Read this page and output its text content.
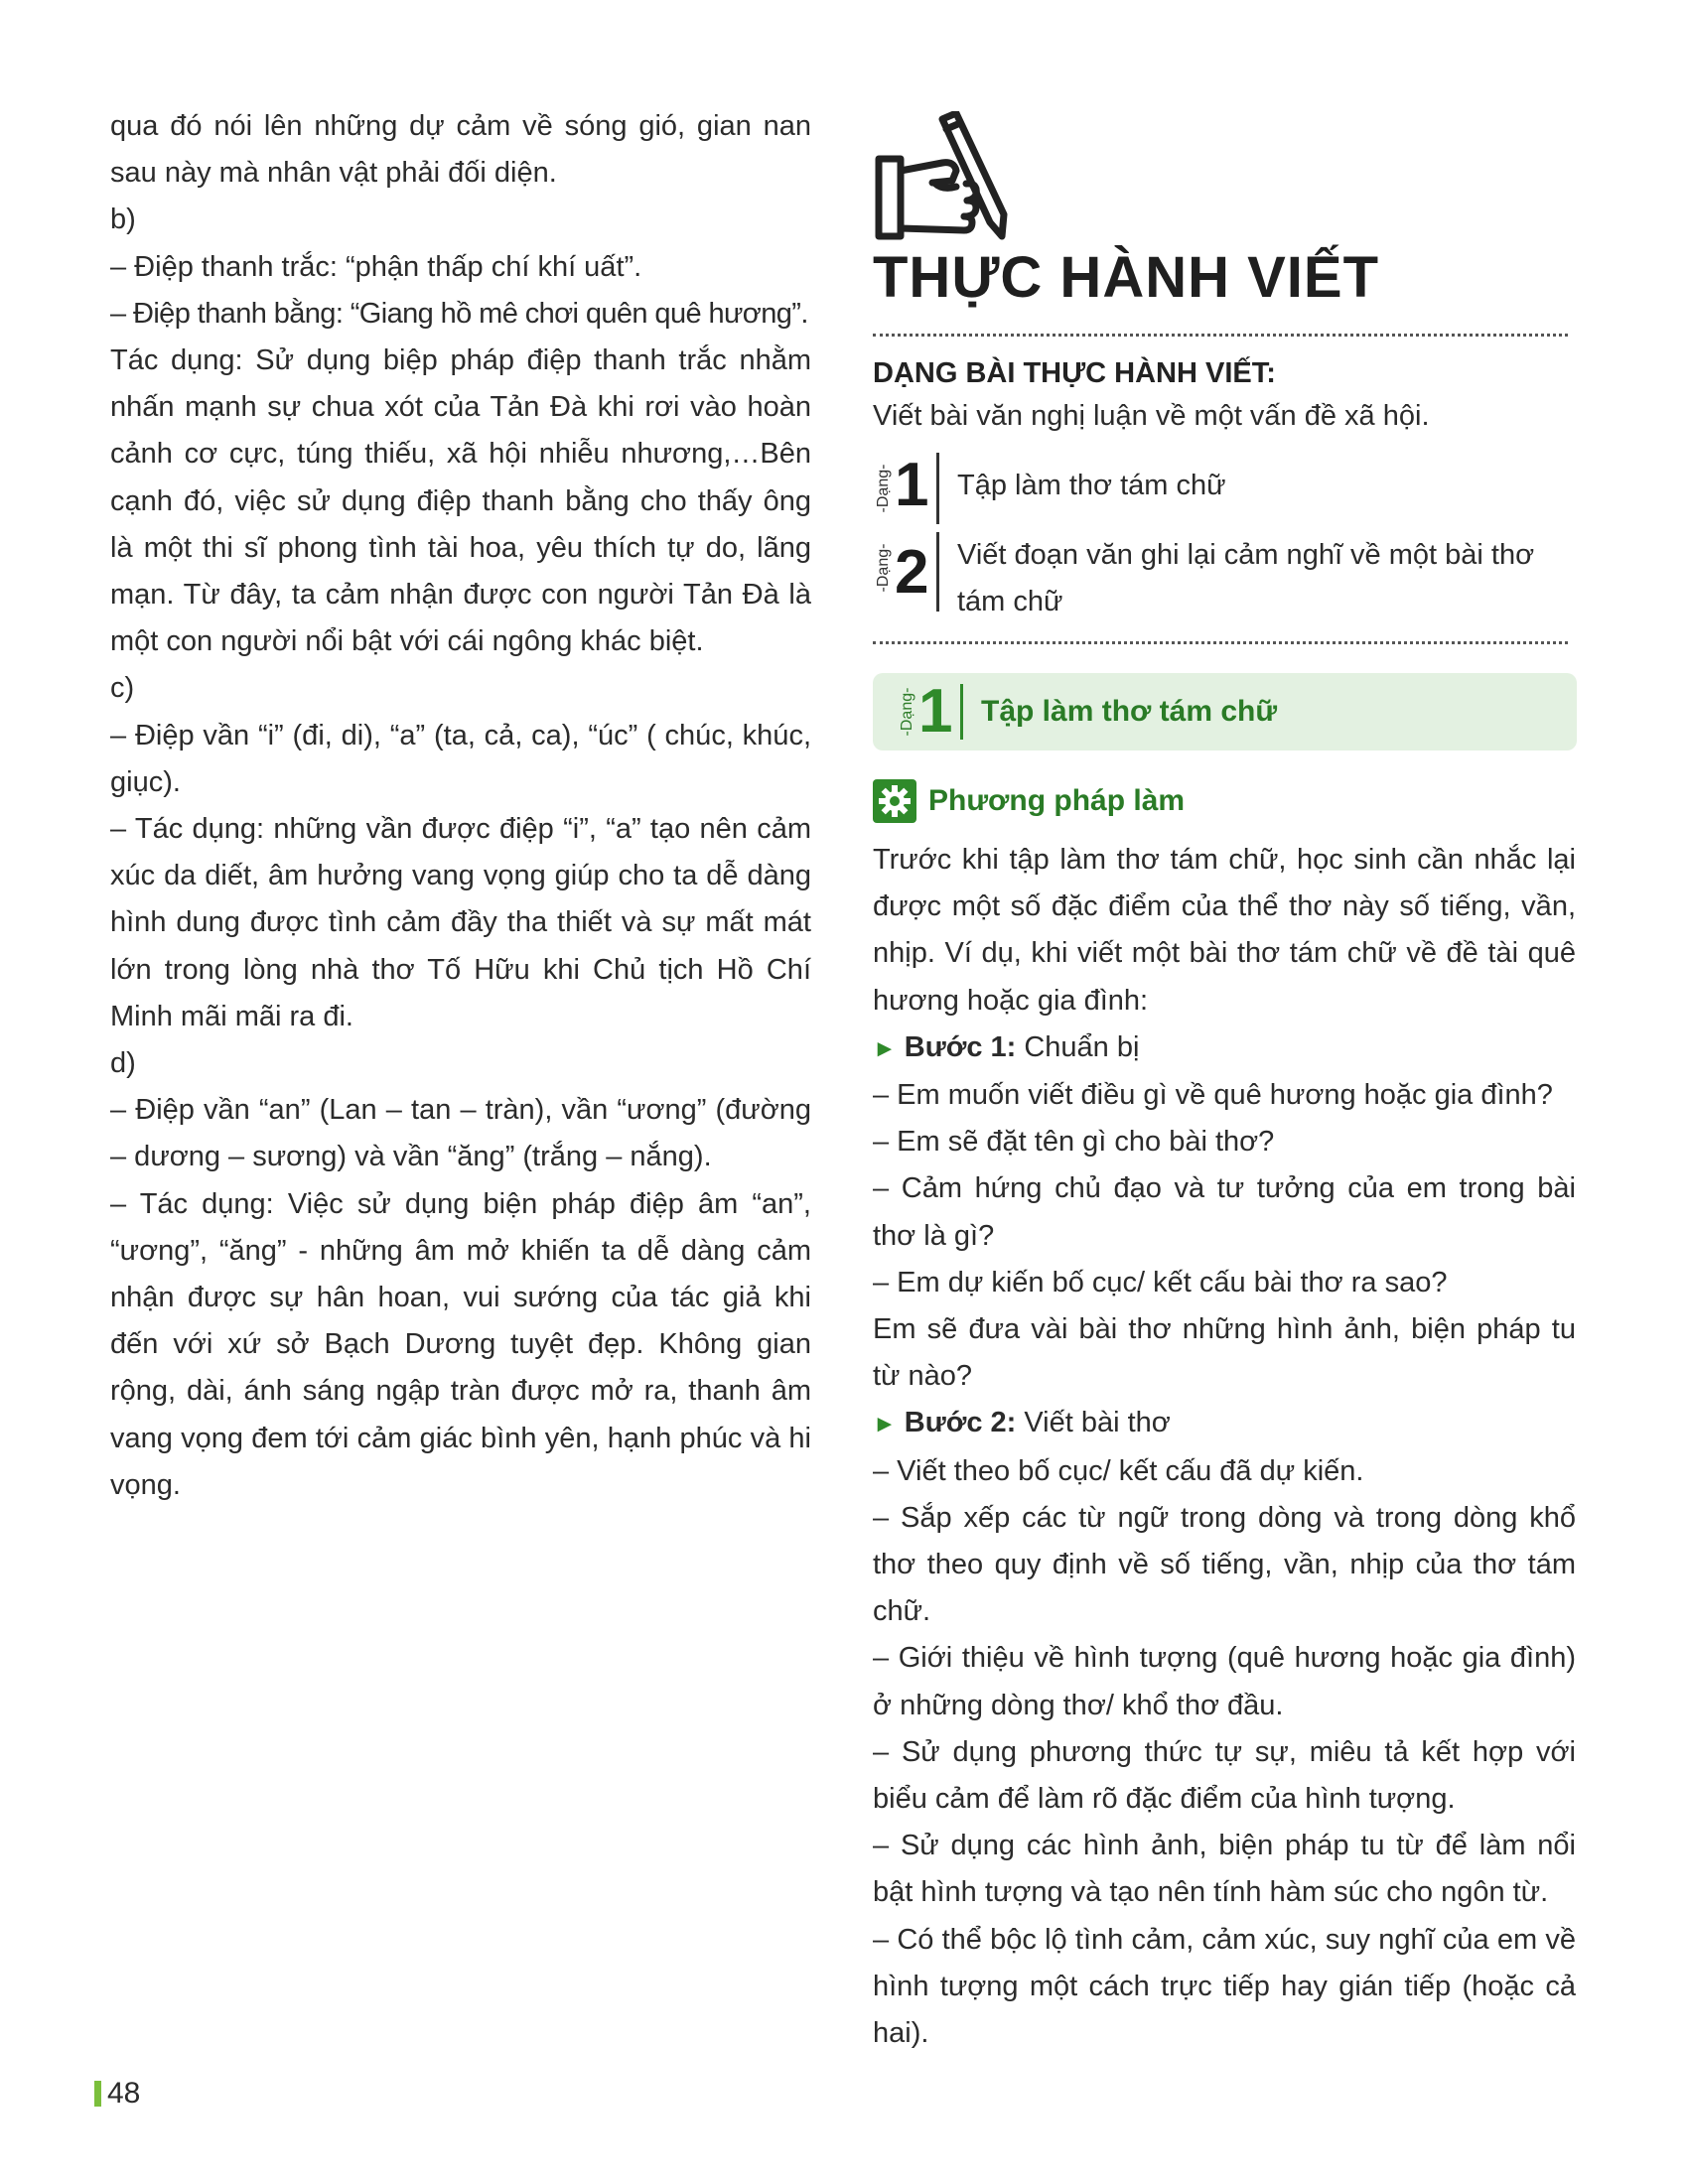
qua đó nói lên những dự cảm về sóng gió, gian nan sau này mà nhân vật phải đối diện.

b)

– Điệp thanh trắc: “phận thấp chí khí uất”.

– Điệp thanh bằng: “Giang hồ mê chơi quên quê hương”.

Tác dụng: Sử dụng biệp pháp điệp thanh trắc nhằm nhấn mạnh sự chua xót của Tản Đà khi rơi vào hoàn cảnh cơ cực, túng thiếu, xã hội nhiễu nhương,…Bên cạnh đó, việc sử dụng điệp thanh bằng cho thấy ông là một thi sĩ phong tình tài hoa, yêu thích tự do, lãng mạn. Từ đây, ta cảm nhận được con người Tản Đà là một con người nổi bật với cái ngông khác biệt.

c)

– Điệp vần “i” (đi, di), “a” (ta, cả, ca), “úc” ( chúc, khúc, giục).

– Tác dụng: những vần được điệp “i”, “a” tạo nên cảm xúc da diết, âm hưởng vang vọng giúp cho ta dễ dàng hình dung được tình cảm đầy tha thiết và sự mất mát lớn trong lòng nhà thơ Tố Hữu khi Chủ tịch Hồ Chí Minh mãi mãi ra đi.

d)

– Điệp vần “an” (Lan – tan – tràn), vần “ương” (đường – dương – sương) và vần “ăng” (trắng – nắng).

– Tác dụng: Việc sử dụng biện pháp điệp âm “an”, “ương”, “ăng” - những âm mở khiến ta dễ dàng cảm nhận được sự hân hoan, vui sướng của tác giả khi đến với xứ sở Bạch Dương tuyệt đẹp. Không gian rộng, dài, ánh sáng ngập tràn được mở ra, thanh âm vang vọng đem tới cảm giác bình yên, hạnh phúc và hi vọng.

THỰC HÀNH VIẾT
DẠNG BÀI THỰC HÀNH VIẾT:
Viết bài văn nghị luận về một vấn đề xã hội.
-Dạng- 1 Tập làm thơ tám chữ
-Dạng- 2 Viết đoạn văn ghi lại cảm nghĩ về một bài thơ tám chữ
-Dạng- 1 Tập làm thơ tám chữ
Phương pháp làm

Trước khi tập làm thơ tám chữ, học sinh cần nhắc lại được một số đặc điểm của thể thơ này số tiếng, vần, nhịp. Ví dụ, khi viết một bài thơ tám chữ về đề tài quê hương hoặc gia đình:

► Bước 1: Chuẩn bị

– Em muốn viết điều gì về quê hương hoặc gia đình?

– Em sẽ đặt tên gì cho bài thơ?

– Cảm hứng chủ đạo và tư tưởng của em trong bài thơ là gì?

– Em dự kiến bố cục/ kết cấu bài thơ ra sao?

Em sẽ đưa vài bài thơ những hình ảnh, biện pháp tu từ nào?

► Bước 2: Viết bài thơ

– Viết theo bố cục/ kết cấu đã dự kiến.

– Sắp xếp các từ ngữ trong dòng và trong dòng khổ thơ theo quy định về số tiếng, vần, nhịp của thơ tám chữ.

– Giới thiệu về hình tượng (quê hương hoặc gia đình) ở những dòng thơ/ khổ thơ đầu.

– Sử dụng phương thức tự sự, miêu tả kết hợp với biểu cảm để làm rõ đặc điểm của hình tượng.

– Sử dụng các hình ảnh, biện pháp tu từ để làm nổi bật hình tượng và tạo nên tính hàm súc cho ngôn từ.

– Có thể bộc lộ tình cảm, cảm xúc, suy nghĩ của em về hình tượng một cách trực tiếp hay gián tiếp (hoặc cả hai).

48
